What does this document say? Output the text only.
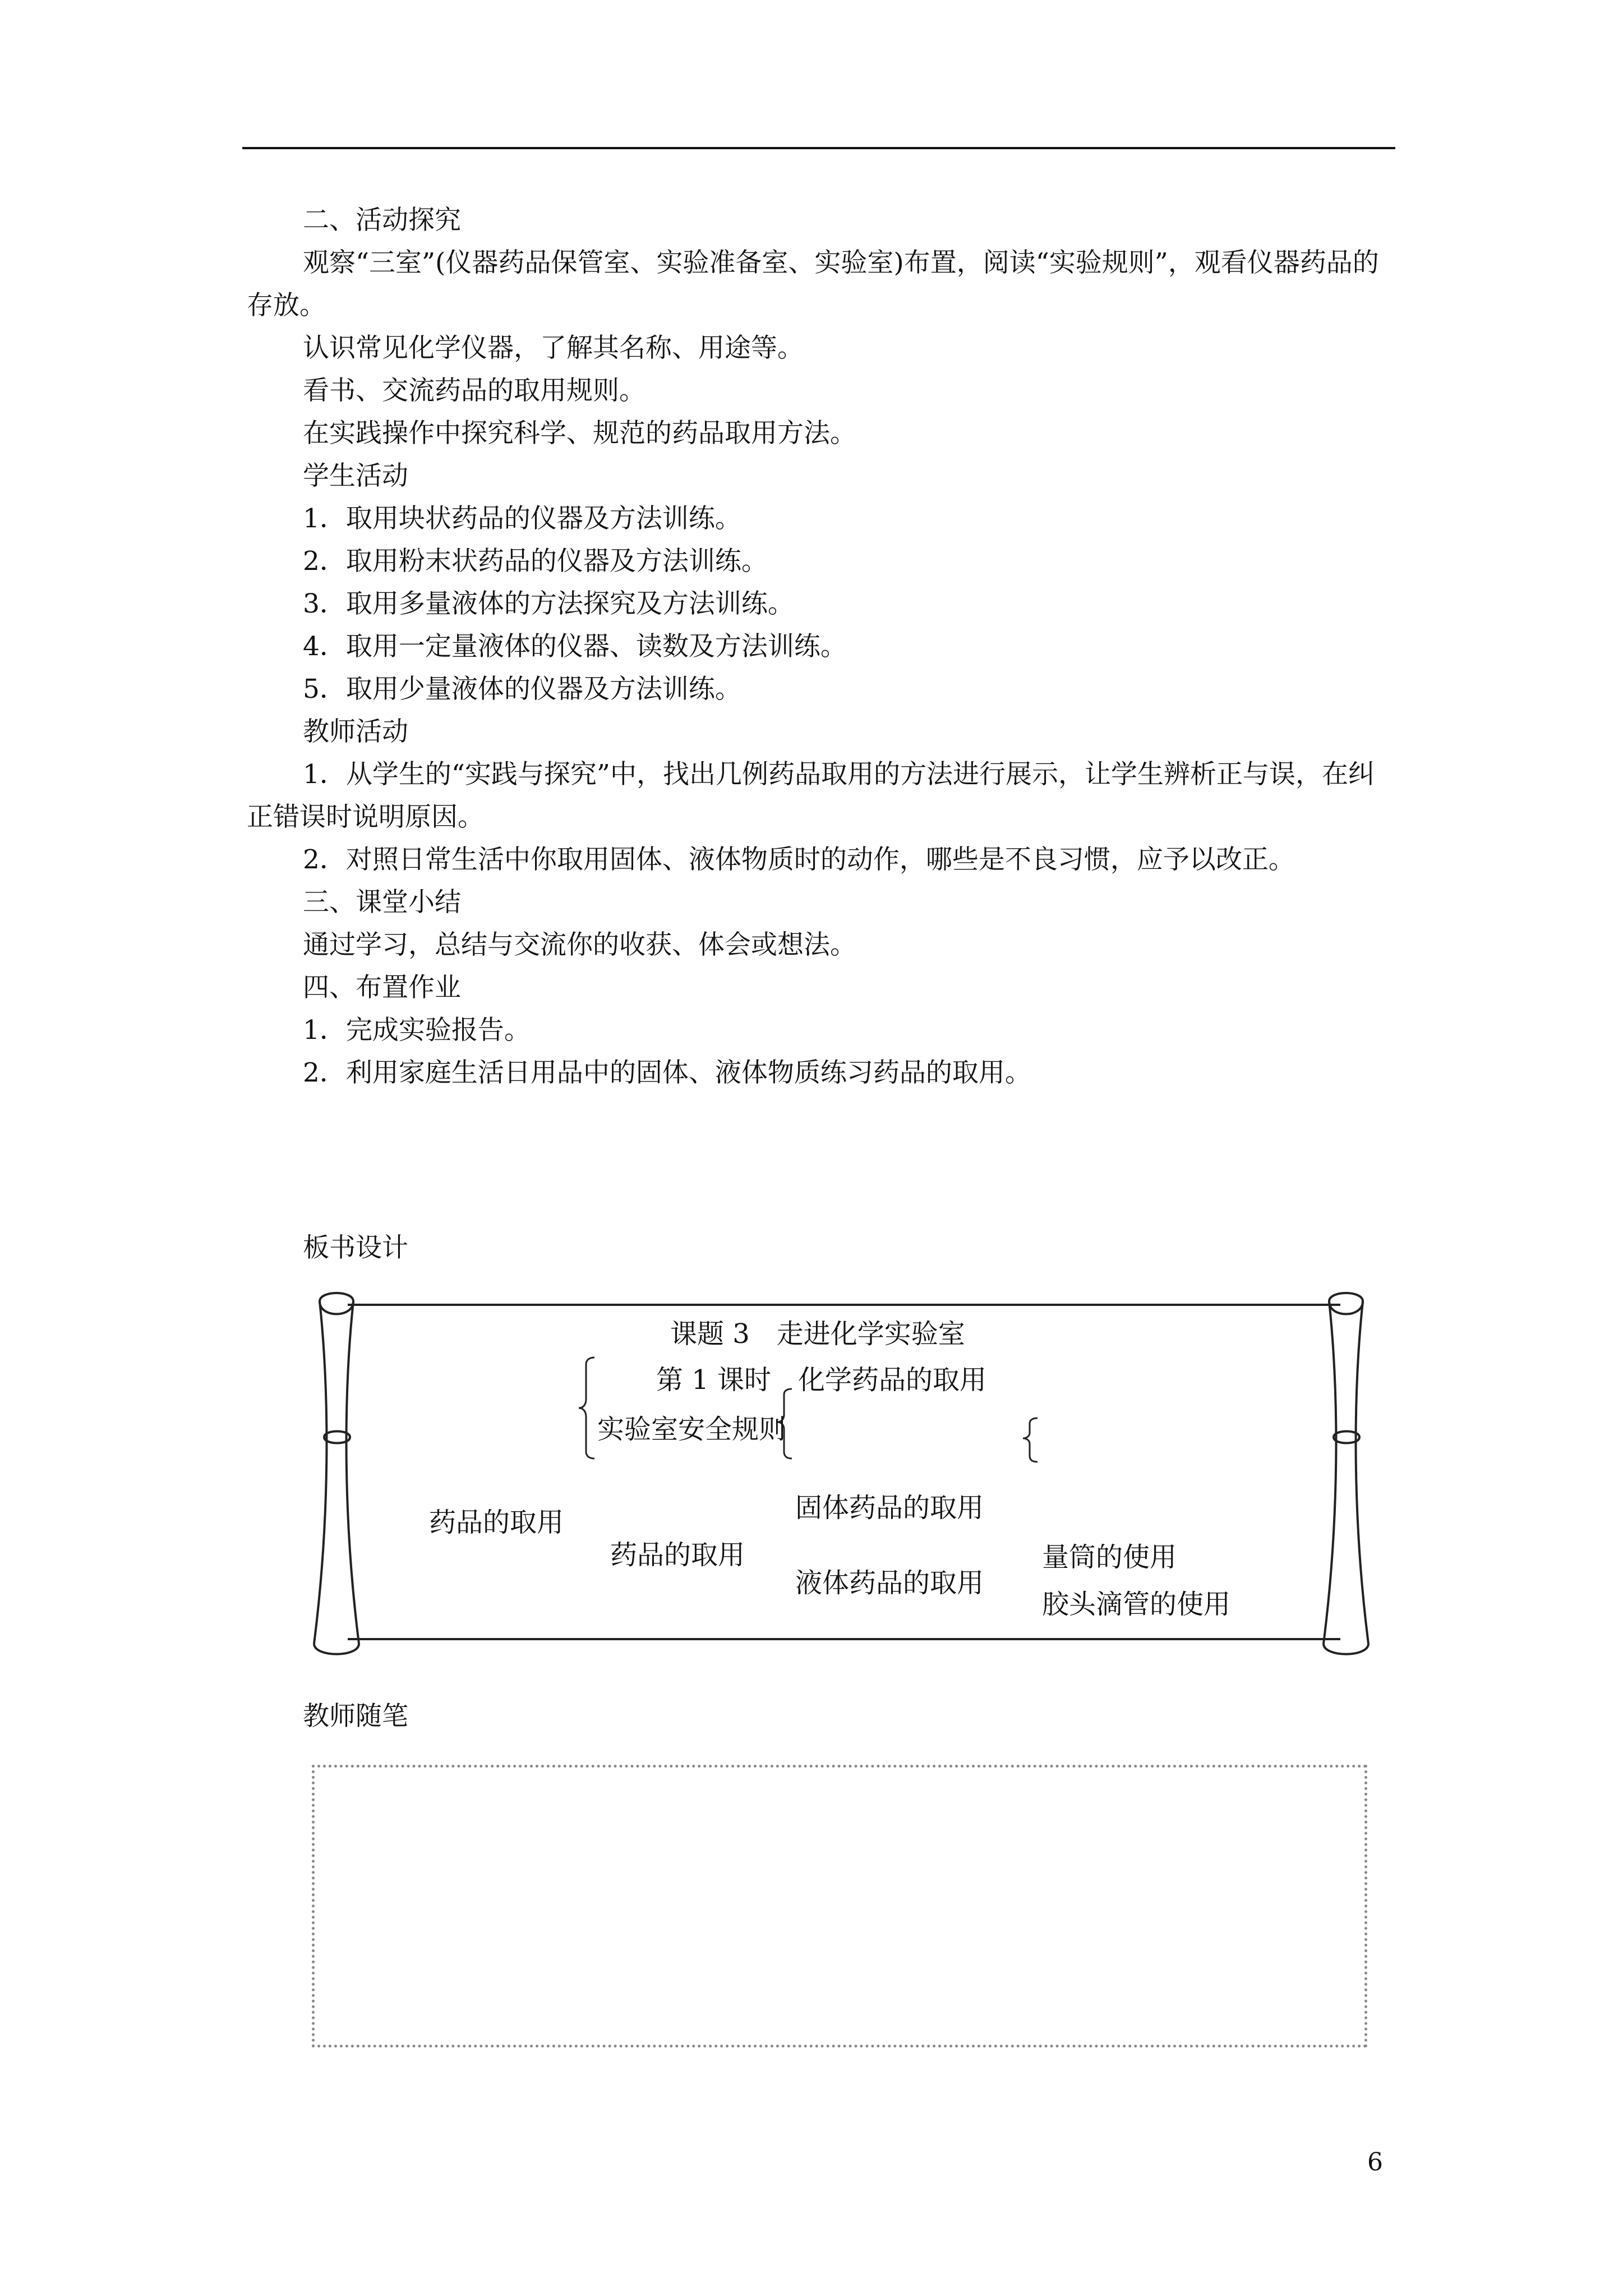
二、活动探究

观察“三室”(仪器药品保管室、实验准备室、实验室)布置，阅读“实验规则”，观看仪器药品的存放。

认识常见化学仪器，了解其名称、用途等。

看书、交流药品的取用规则。

在实践操作中探究科学、规范的药品取用方法。

学生活动

1．取用块状药品的仪器及方法训练。

2．取用粉末状药品的仪器及方法训练。

3．取用多量液体的方法探究及方法训练。

4．取用一定量液体的仪器、读数及方法训练。

5．取用少量液体的仪器及方法训练。

教师活动

1．从学生的“实践与探究”中，找出几例药品取用的方法进行展示，让学生辨析正与误，在纠正错误时说明原因。

2．对照日常生活中你取用固体、液体物质时的动作，哪些是不良习惯，应予以改正。

三、课堂小结

通过学习，总结与交流你的收获、体会或想法。

四、布置作业

1．完成实验报告。

2．利用家庭生活日用品中的固体、液体物质练习药品的取用。

板书设计
课题 3　走进化学实验室
第 1 课时　化学药品的取用
实验室安全规则
药品的取用
药品的取用
固体药品的取用
液体药品的取用
量筒的使用
胶头滴管的使用
教师随笔
6
